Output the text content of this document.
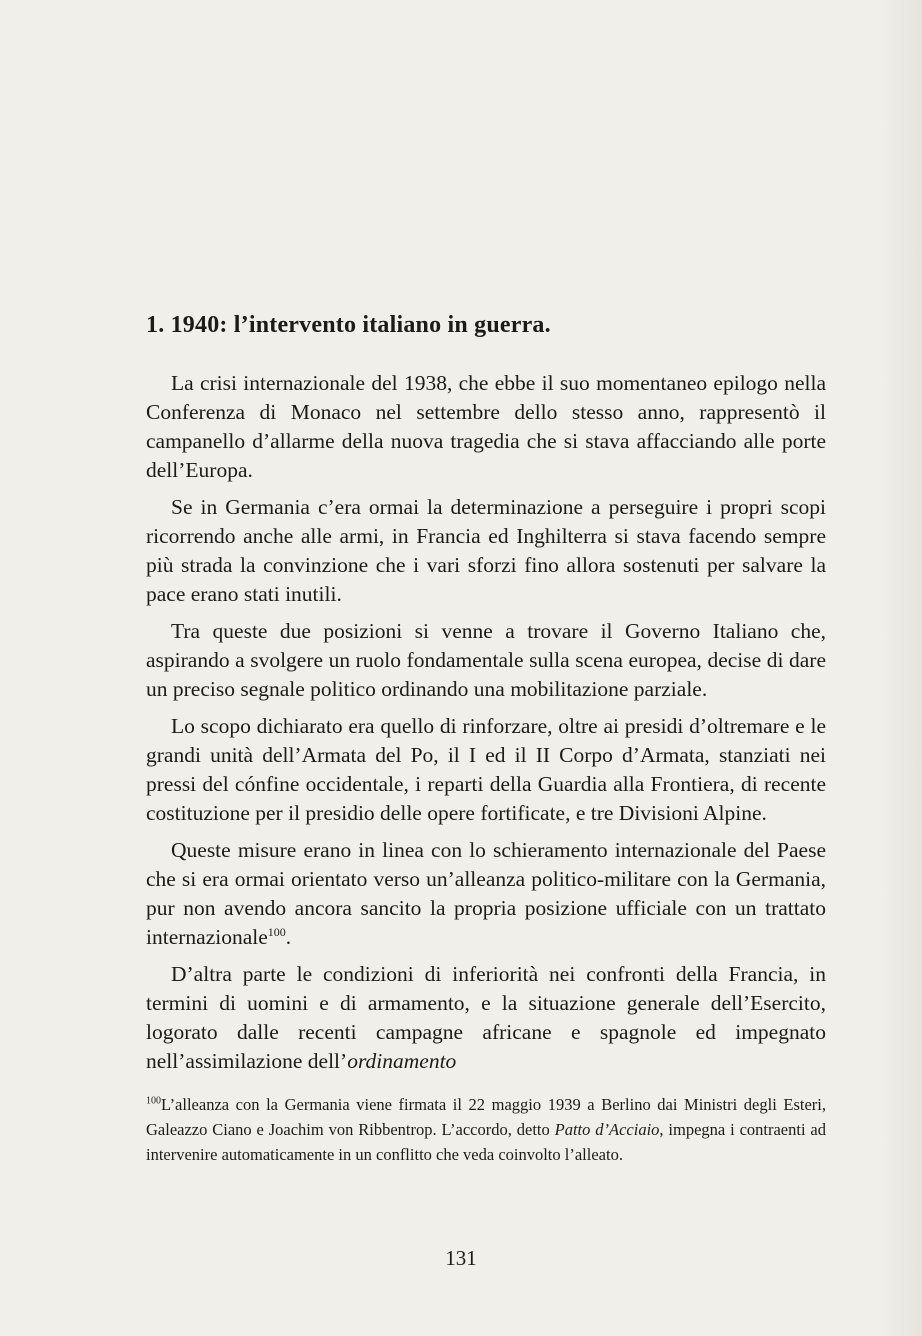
1. 1940: l’intervento italiano in guerra.

La crisi internazionale del 1938, che ebbe il suo momentaneo epilogo nella Conferenza di Monaco nel settembre dello stesso anno, rappresentò il campanello d’allarme della nuova tragedia che si stava affacciando alle porte dell’Europa.

Se in Germania c’era ormai la determinazione a perseguire i propri scopi ricorrendo anche alle armi, in Francia ed Inghilterra si stava facendo sempre più strada la convinzione che i vari sforzi fino allora sostenuti per salvare la pace erano stati inutili.

Tra queste due posizioni si venne a trovare il Governo Italiano che, aspirando a svolgere un ruolo fondamentale sulla scena europea, decise di dare un preciso segnale politico ordinando una mobilitazione parziale.

Lo scopo dichiarato era quello di rinforzare, oltre ai presidi d’oltremare e le grandi unità dell’Armata del Po, il I ed il II Corpo d’Armata, stanziati nei pressi del cónfine occidentale, i reparti della Guardia alla Frontiera, di recente costituzione per il presidio delle opere fortificate, e tre Divisioni Alpine.

Queste misure erano in linea con lo schieramento internazionale del Paese che si era ormai orientato verso un’alleanza politico-militare con la Germania, pur non avendo ancora sancito la propria posizione ufficiale con un trattato internazionale$^{100}$.

D’altra parte le condizioni di inferiorità nei confronti della Francia, in termini di uomini e di armamento, e la situazione generale dell’Esercito, logorato dalle recenti campagne africane e spagnole ed impegnato nell’assimilazione dell’ordinamento

$^{100}$L’alleanza con la Germania viene firmata il 22 maggio 1939 a Berlino dai Ministri degli Esteri, Galeazzo Ciano e Joachim von Ribbentrop. L’accordo, detto Patto d’Acciaio, impegna i contraenti ad intervenire automaticamente in un conflitto che veda coinvolto l’alleato.
131
